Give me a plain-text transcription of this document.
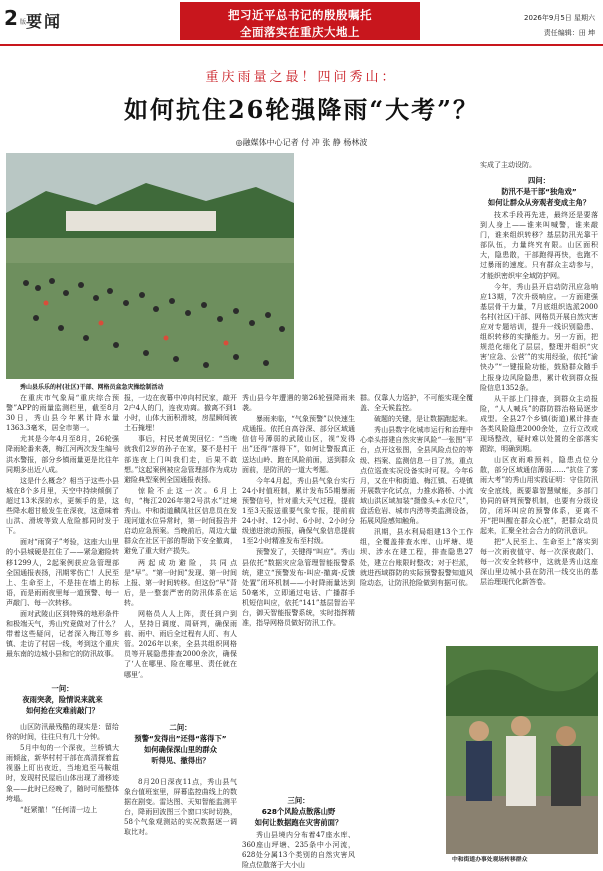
2 版 要闻	把习近平总书记的殷殷嘱托
全面落实在重庆大地上
2026年9月5日 星期六
责任编辑：田 坤
重庆雨量之最！四问秀山：
如何抗住26轮强降雨“大考”？
◎融媒体中心记者 付 冲 张 静 杨林波
秀山县乐乐的村(社区)干部、网格员盒急灾操绘制活动

在重庆市气象局“重庆综合预警”APP的雨量监测栏里，截至8月30日，秀山县今年累计降水量1363.3毫米，居全市第一。

尤其是今年4月至8月，26轮强降雨轮番来袭，梅江河两次发生编号洪水警报，部分乡镇雨量更是比往年同期多出近八成。

这是什么概念？相当于这些小县城在8个多月里，天空中持续倾倒了超过13米深的水，更频手的是，这些降水超甘般发生在深夜，这意味着山洪、滑坡等致人危险都同时发于下。

面对“雨窝子”考验，这座大山里的小县城硬是扛住了——紧急避险转移1299人，2起案例获应急管理部全国通报表扬，汛期零伤亡！人民至上、生命至上，不是挂在墙上的标语，而是雨雨夜里每一道预警、每一声敲门、每一次转移。

面对武陵山区到特殊的地形条件和极端天气，秀山究竟做对了什么？带着这些疑问，记者深入梅江等乡镇、走访了村居一线，考到这个重庆最东南的边城小县和它的防汛故事。

一问：
夜雨突袭，险情说来就来
如何抢在灾难前敲门？

山区防汛最残酷的现实是：留给你的时间，往往只有几十分钟。

5月中旬的一个深夜，兰桥镇大雨倾盆，新华村村干部在高清探着监视器上盯出夜近，当地追至马鞍组时，发现村民屋后山体出现了滑移迹象——此时已经晚了，随时可能整体垮塌。

“赶紧撤！”任何清一边上

报，一边在夜幕中冲向村民家，敲开2户4人的门，连夜劝离。撤离不到1小时，山体大面积滑坡，房屋瞬间被土石掩埋！

事后，村民老黄哭回忆：“当晚就我们2岁的孙子在家，要不是村干部连夜上门叫我们走，后果不敢想。”这起案例被应急管理部作为成功避险典型案例全国通报表扬。

惊险不止这一次。6月上旬，“梅江2026年第2号洪水”过境秀山。中和街道麟凤社区信息员在发现河道水位异常时，第一时间报告并启动应急预案。当晚前后，周边大量群众在社区干部的帮助下安全撤离，避免了重大财产损失。

两起成功避险，共同点是“早”。“第一时间”发现、第一时间上报、第一时间转移。但这份“早”背后，是一整套严密的防汛体系在运转。

网格员人人上阵，责任到户到人，坚持日调度、周研判，确保雨前、雨中、雨后全过程有人盯、有人管。2026年以来，全县共组织网格员等开展隐患排查2000余次，确保了‘人在哪里、险在哪里、责任就在哪里’。

二问：
预警“发得出”还得“落得下”
如何确保深山里的群众
听得见、撤得出？

8月20日深夜11点，秀山县气象台值班室里，屏幕监控曲线上的数据在剧变。雷达图、天知智能监测平台，降雨回波图三个窗口实时切换，58个气象观测站的实况数据逐一调取比对。

秀山县今年遭遇的第26轮强降雨来袭。

暴雨来临，“气象预警”以快速生成通报。依托自高谷深、部分区域通信信号薄弱的武陵山区，视“发得出”还得“落得下”，如何让警报真正送达山岭、跑在风险前面，送到群众面前，是防汛的一道大考题。

今年4月起，秀山县气象台实行24小时值班制，累计发布55期暴雨预警信号，针对重大天气过程，提前1至3天报送重要气象专报，提前前24小时、12小时、6小时、2小时分级递进滚动预报，确保气象信息提前1至2小时精准发布至村级。

预警发了，关键得“叫应”。秀山县依托“数据灾应急管理智能报警系统，建立“预警发布-叫应-撤离-反馈处置”闭环机制——小时降雨量达到50毫米，立即通过电话、广播群手机短信叫应，依托“141”基层智治平台，御天智能报警系统，实时指挥精准，指导网格员做好防汛工作。

群。仅靠人力巡护，不可能实现全覆盖、全天候监控。

破题的关键，是让数据跑起来。

秀山县数字化城市运行和治理中心牵头搭建自然灾害风险“一张图”平台，点开这张图，全县风险点位的等级、档案、监测信息一目了然，重点点位巡查实况设备实时可视。今年6月，又在中和街道、梅江镇、石堤镇开展数字化试点，力推水路桥、小流域山洪区域加装“摄像头+水位尺”，盘活危岩、城市内涝等类监测设备，拓展风险感知触角。

汛期，县水利局组建13个工作组，全覆盖排查水库、山坪塘、堤坝、涉水在建工程，排查隐患27处，建立台账限时整改；对于栏派，就进西域群防的实际预警报警知道风险动态，让防汛抢险做到有据可依。

三问：
628个风险点散落山野
如何让数据跑在灾害前面？

秀山县境内分布着47座水库、360座山坪塘、235条中小河流，628处分属13个类别的自然灾害风险点位散落于大小山

实成了主动设防。

四问：
防汛不是干部“独角戏”
如何让群众从旁观者变成主角？

技术手段再先进，最终还是要落到人身上——谁来叫喊警，谁来敲门，谁来组织转移？基层防汛光靠干部队伍，力量终究有限。山区面积大，隐患散，干部跑得再快，也跑不过暴雨的速度。只有群众主动参与，才能织密织牢全域防护网。

今年，秀山县开启动防汛应急响应13期，7次升级响应。一方面建强基层骨干力量，7月底组织选派2000名村(社区)干部、网格员开展自然灾害应对专题培训，提升一线识别隐患、组织转移的实操能力。另一方面，把规范化细化了层层，整理并组织“灾害‘应急、公营’”的实用经验，依托“渝快办”“一键报险功能，鼓励群众随手上报身边风险隐患，累计收到群众报险信息1352条。

从干部上门排查，到群众主动报险，“人人喊兵”的群防群治格局逐步成型。全县27个乡镇(街道)累计排查各类风险隐患2000余处，立行立改或现场整改，疑时难以处置的全部落实跟踪，明确到期。

山区夜雨难预料，隐患点位分散，部分区域通信薄弱……“抗住了雾雨大考”的秀山用实践证明：守住防汛安全底线，既要靠智慧赋能，多部门协同的研判预警机制，也要有分级设防，闭环叫应的预警体系，更离不开“把叫醒在群众心底”，把群众动员起来，汇聚全社会合力的防汛意识。

把“人民至上、生命至上”落实到每一次雨夜值守、每一次深夜敲门、每一次安全转移中，这就是秀山这座深山里边城小县在防汛一线交出的基层治理现代化新答卷。

中和街道办事处观场转移群众
